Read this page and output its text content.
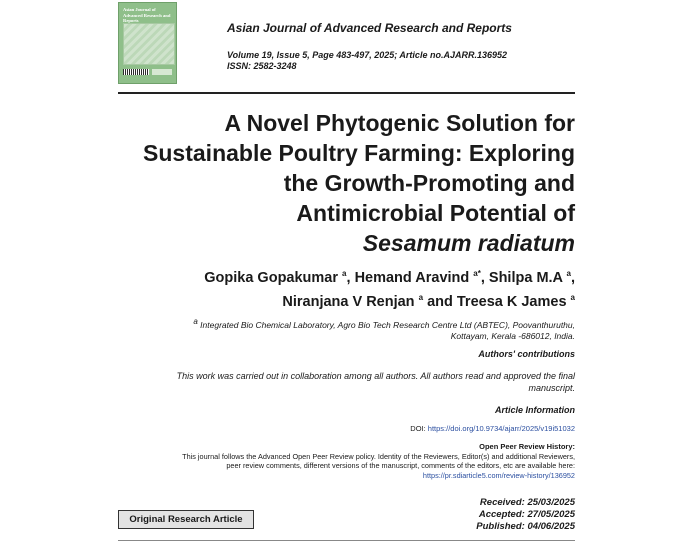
Asian Journal of Advanced Research and Reports
Asian Journal of Advanced Research and Reports
Volume 19, Issue 5, Page 483-497, 2025; Article no.AJARR.136952
ISSN: 2582-3248
A Novel Phytogenic Solution for
Sustainable Poultry Farming: Exploring
the Growth-Promoting and
Antimicrobial Potential of
Sesamum radiatum
Gopika Gopakumar $^a$, Hemand Aravind $^{a*}$, Shilpa M.A $^a$,
Niranjana V Renjan $^a$ and Treesa K James $^a$
$^a$ Integrated Bio Chemical Laboratory, Agro Bio Tech Research Centre Ltd (ABTEC), Poovanthuruthu,
Kottayam, Kerala -686012, India.
Authors' contributions
This work was carried out in collaboration among all authors. All authors read and approved the final
manuscript.
Article Information
DOI: https://doi.org/10.9734/ajarr/2025/v19i51032
Open Peer Review History:
This journal follows the Advanced Open Peer Review policy. Identity of the Reviewers, Editor(s) and additional Reviewers,
peer review comments, different versions of the manuscript, comments of the editors, etc are available here:
https://pr.sdiarticle5.com/review-history/136952
Original Research Article
Received: 25/03/2025
Accepted: 27/05/2025
Published: 04/06/2025
